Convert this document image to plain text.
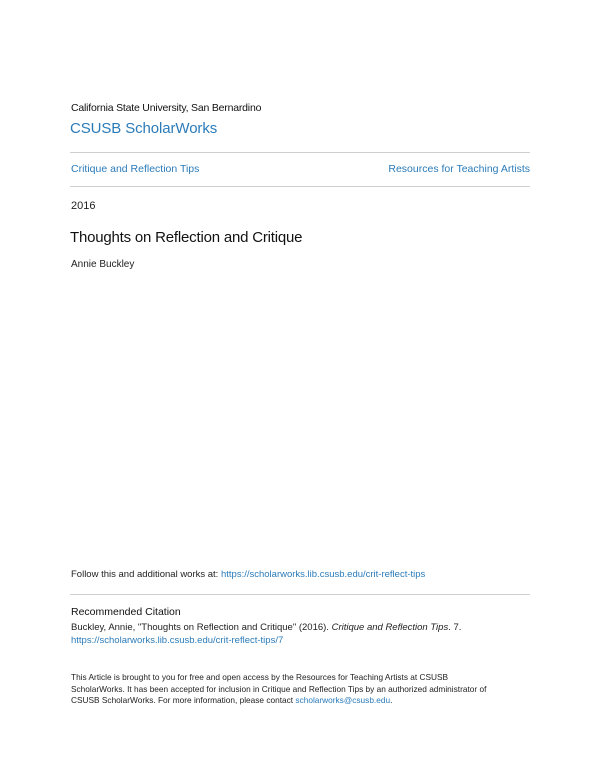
California State University, San Bernardino
CSUSB ScholarWorks
Critique and Reflection Tips	Resources for Teaching Artists
2016
Thoughts on Reflection and Critique
Annie Buckley
Follow this and additional works at: https://scholarworks.lib.csusb.edu/crit-reflect-tips
Recommended Citation
Buckley, Annie, "Thoughts on Reflection and Critique" (2016). Critique and Reflection Tips. 7.
https://scholarworks.lib.csusb.edu/crit-reflect-tips/7
This Article is brought to you for free and open access by the Resources for Teaching Artists at CSUSB
ScholarWorks. It has been accepted for inclusion in Critique and Reflection Tips by an authorized administrator of
CSUSB ScholarWorks. For more information, please contact scholarworks@csusb.edu.
